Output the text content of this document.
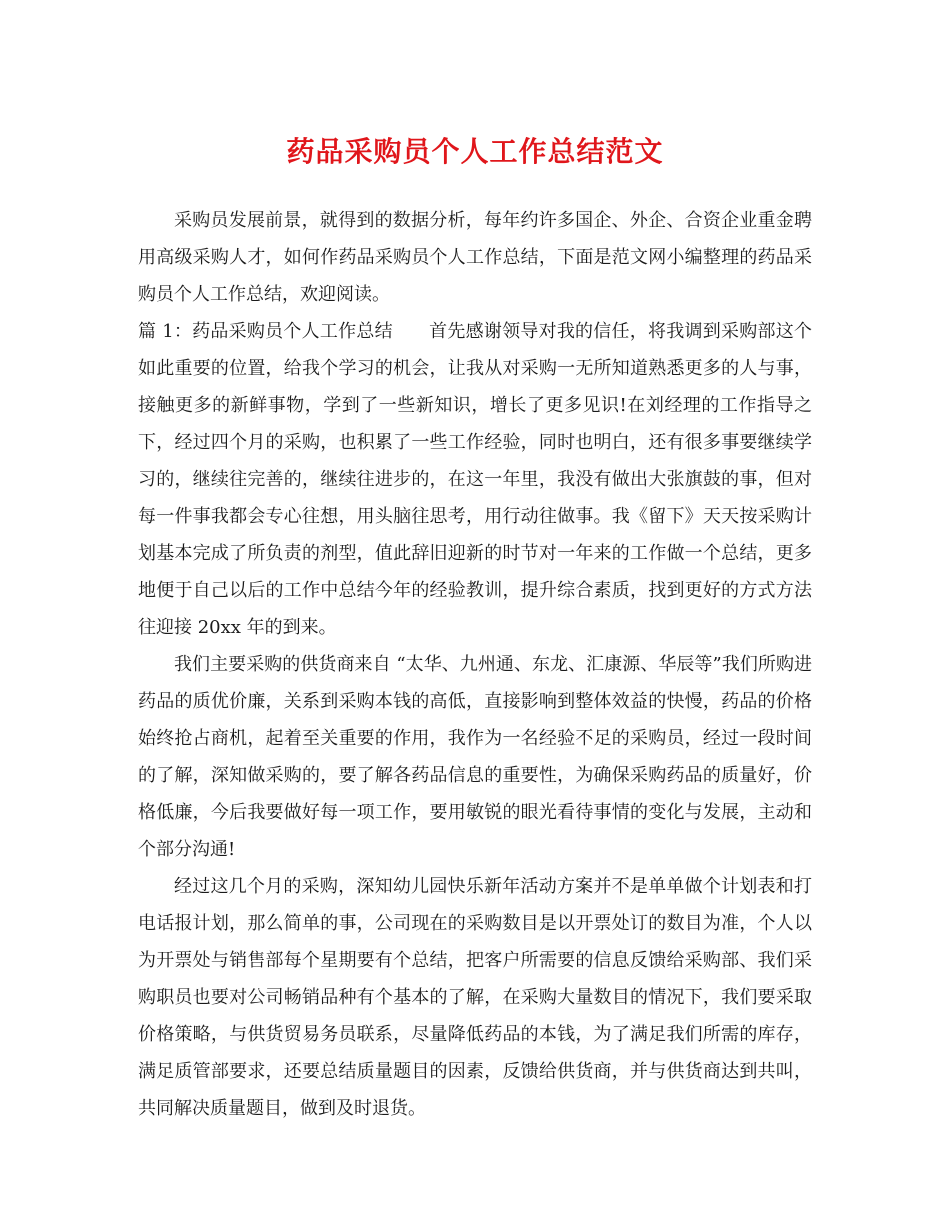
药品采购员个人工作总结范文

采购员发展前景，就得到的数据分析，每年约许多国企、外企、合资企业重金聘用高级采购人才，如何作药品采购员个人工作总结，下面是范文网小编整理的药品采购员个人工作总结，欢迎阅读。

篇 1：药品采购员个人工作总结 首先感谢领导对我的信任，将我调到采购部这个如此重要的位置，给我个学习的机会，让我从对采购一无所知道熟悉更多的人与事，接触更多的新鲜事物，学到了一些新知识，增长了更多见识!在刘经理的工作指导之下，经过四个月的采购，也积累了一些工作经验，同时也明白，还有很多事要继续学习的，继续往完善的，继续往进步的，在这一年里，我没有做出大张旗鼓的事，但对每一件事我都会专心往想，用头脑往思考，用行动往做事。我《留下》天天按采购计划基本完成了所负责的剂型，值此辞旧迎新的时节对一年来的工作做一个总结，更多地便于自己以后的工作中总结今年的经验教训，提升综合素质，找到更好的方式方法往迎接 20xx 年的到来。

我们主要采购的供货商来自 “太华、九州通、东龙、汇康源、华辰等”我们所购进药品的质优价廉，关系到采购本钱的高低，直接影响到整体效益的快慢，药品的价格始终抢占商机，起着至关重要的作用，我作为一名经验不足的采购员，经过一段时间的了解，深知做采购的，要了解各药品信息的重要性，为确保采购药品的质量好，价格低廉，今后我要做好每一项工作，要用敏锐的眼光看待事情的变化与发展，主动和个部分沟通!

经过这几个月的采购，深知幼儿园快乐新年活动方案并不是单单做个计划表和打电话报计划，那么简单的事，公司现在的采购数目是以开票处订的数目为准，个人以为开票处与销售部每个星期要有个总结，把客户所需要的信息反馈给采购部、我们采购职员也要对公司畅销品种有个基本的了解，在采购大量数目的情况下，我们要采取价格策略，与供货贸易务员联系，尽量降低药品的本钱，为了满足我们所需的库存，满足质管部要求，还要总结质量题目的因素，反馈给供货商，并与供货商达到共叫，共同解决质量题目，做到及时退货。
